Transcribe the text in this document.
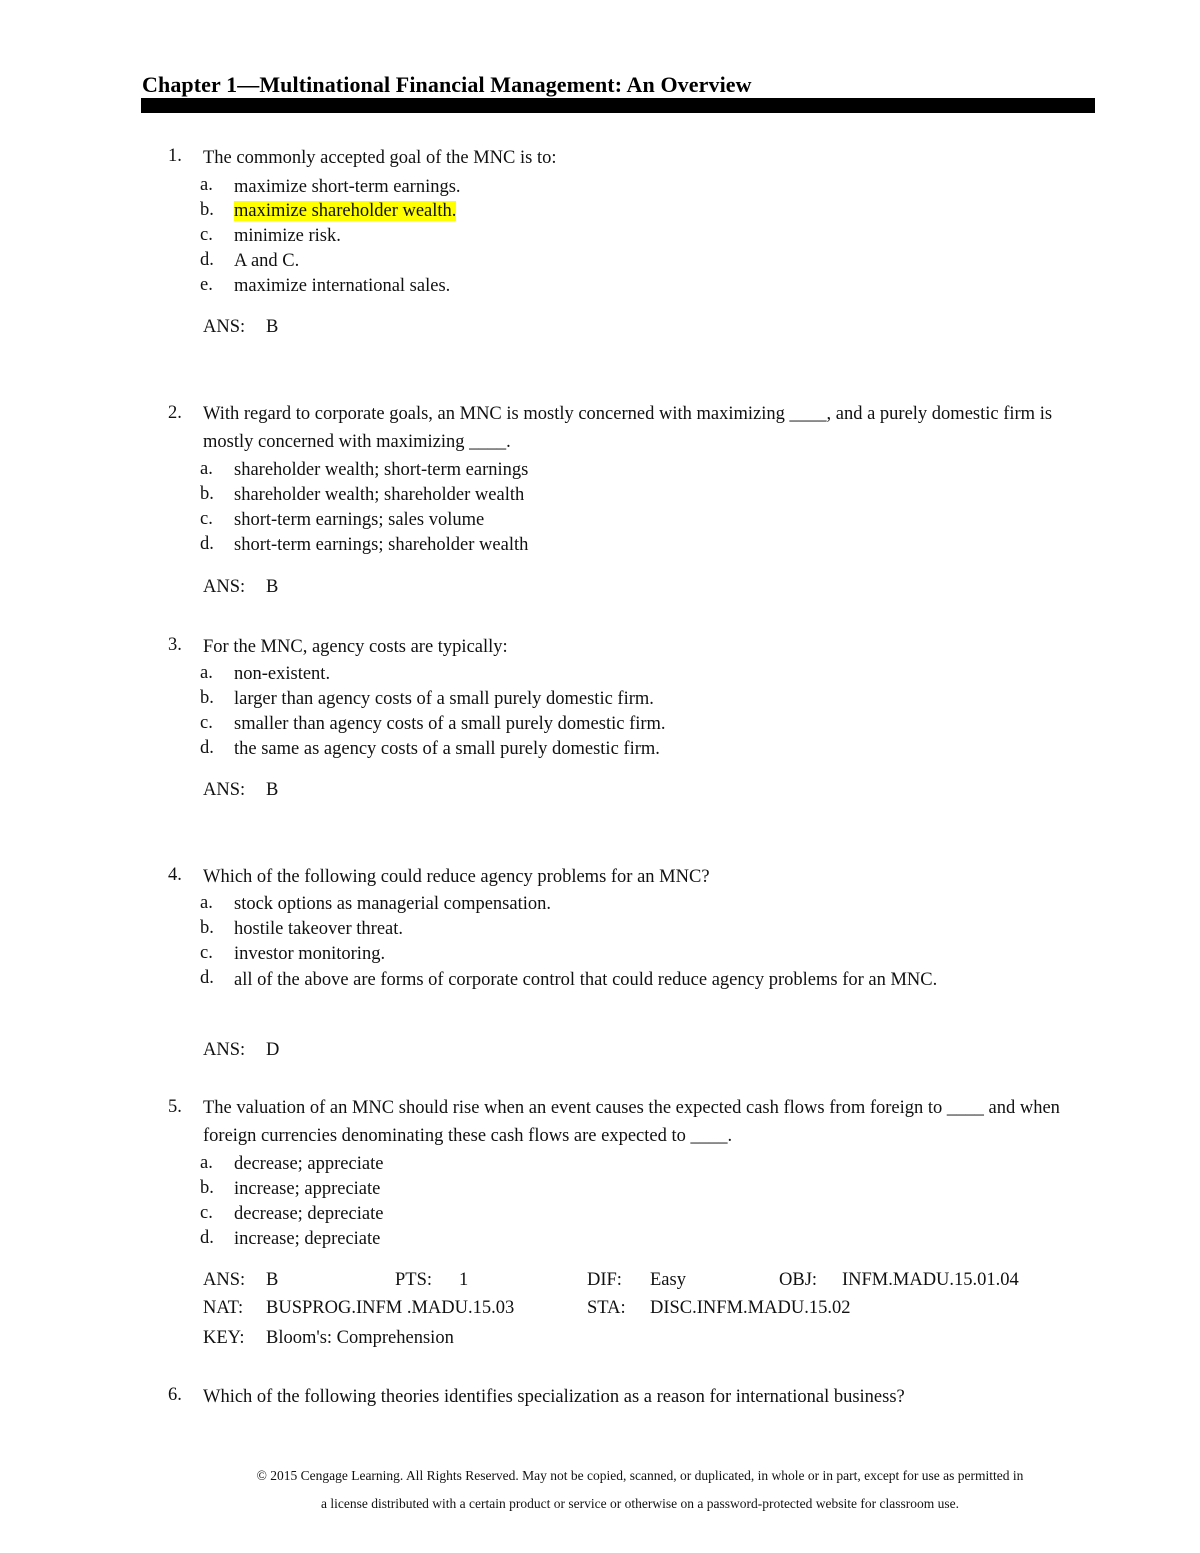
Chapter 1—Multinational Financial Management: An Overview
1. The commonly accepted goal of the MNC is to:
a. maximize short-term earnings.
b. maximize shareholder wealth.
c. minimize risk.
d. A and C.
e. maximize international sales.
ANS: B
2. With regard to corporate goals, an MNC is mostly concerned with maximizing ____, and a purely domestic firm is mostly concerned with maximizing ____.
a. shareholder wealth; short-term earnings
b. shareholder wealth; shareholder wealth
c. short-term earnings; sales volume
d. short-term earnings; shareholder wealth
ANS: B
3. For the MNC, agency costs are typically:
a. non-existent.
b. larger than agency costs of a small purely domestic firm.
c. smaller than agency costs of a small purely domestic firm.
d. the same as agency costs of a small purely domestic firm.
ANS: B
4. Which of the following could reduce agency problems for an MNC?
a. stock options as managerial compensation.
b. hostile takeover threat.
c. investor monitoring.
d. all of the above are forms of corporate control that could reduce agency problems for an MNC.
ANS: D
5. The valuation of an MNC should rise when an event causes the expected cash flows from foreign to ____ and when foreign currencies denominating these cash flows are expected to ____.
a. decrease; appreciate
b. increase; appreciate
c. decrease; depreciate
d. increase; depreciate
ANS: B	PTS: 1	DIF: Easy	OBJ: INFM.MADU.15.01.04
NAT: BUSPROG.INFM .MADU.15.03	STA: DISC.INFM.MADU.15.02
KEY: Bloom's: Comprehension
6. Which of the following theories identifies specialization as a reason for international business?
© 2015 Cengage Learning. All Rights Reserved. May not be copied, scanned, or duplicated, in whole or in part, except for use as permitted in
a license distributed with a certain product or service or otherwise on a password-protected website for classroom use.
